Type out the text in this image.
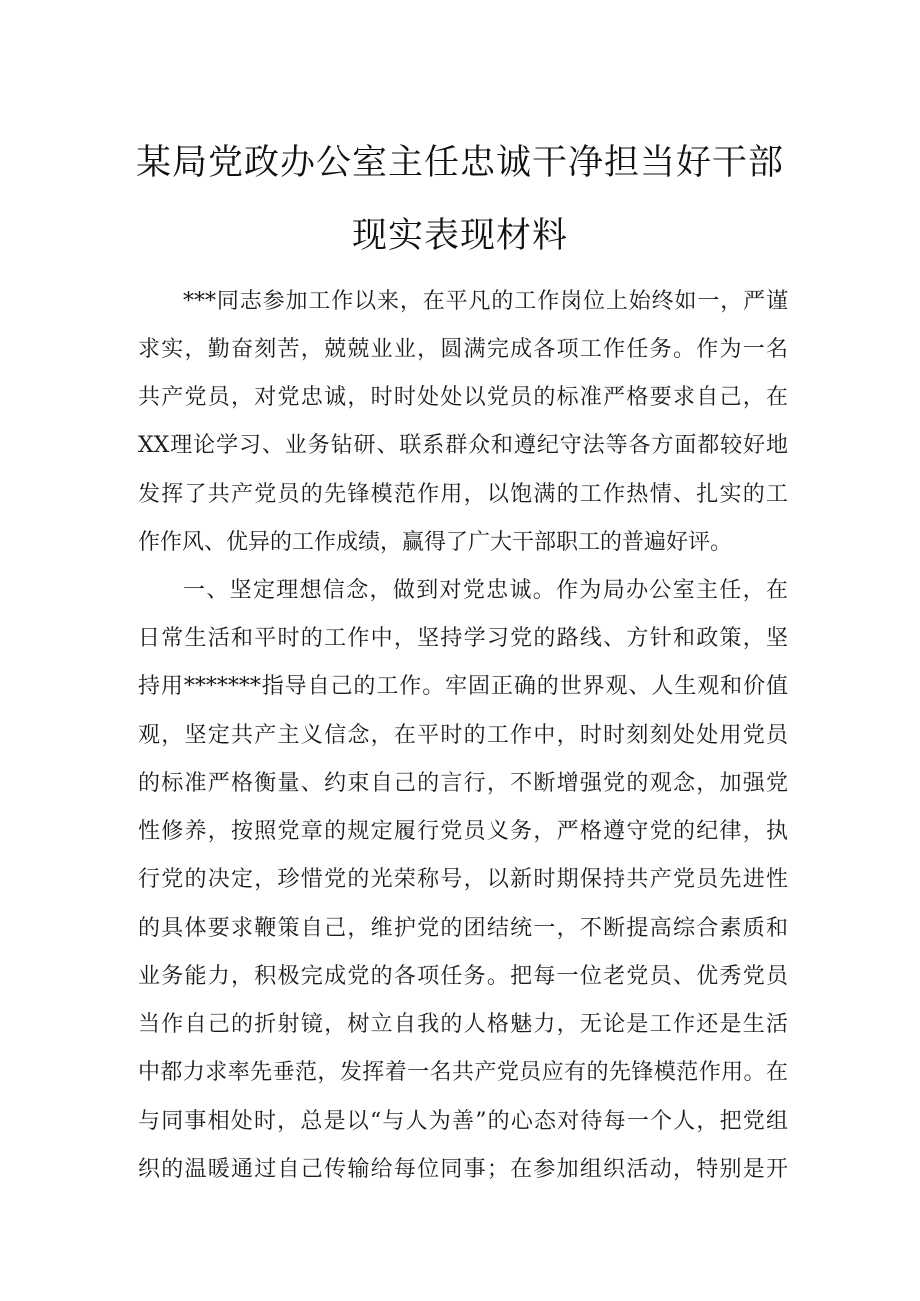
某局党政办公室主任忠诚干净担当好干部
现实表现材料
***同志参加工作以来，在平凡的工作岗位上始终如一，严谨
求实，勤奋刻苦，兢兢业业，圆满完成各项工作任务。作为一名
共产党员，对党忠诚，时时处处以党员的标准严格要求自己，在
XX理论学习、业务钻研、联系群众和遵纪守法等各方面都较好地
发挥了共产党员的先锋模范作用，以饱满的工作热情、扎实的工
作作风、优异的工作成绩，赢得了广大干部职工的普遍好评。
一、坚定理想信念，做到对党忠诚。作为局办公室主任，在
日常生活和平时的工作中，坚持学习党的路线、方针和政策，坚
持用*******指导自己的工作。牢固正确的世界观、人生观和价值
观，坚定共产主义信念，在平时的工作中，时时刻刻处处用党员
的标准严格衡量、约束自己的言行，不断增强党的观念，加强党
性修养，按照党章的规定履行党员义务，严格遵守党的纪律，执
行党的决定，珍惜党的光荣称号，以新时期保持共产党员先进性
的具体要求鞭策自己，维护党的团结统一，不断提高综合素质和
业务能力，积极完成党的各项任务。把每一位老党员、优秀党员
当作自己的折射镜，树立自我的人格魅力，无论是工作还是生活
中都力求率先垂范，发挥着一名共产党员应有的先锋模范作用。在
与同事相处时，总是以“与人为善”的心态对待每一个人，把党组
织的温暖通过自己传输给每位同事；在参加组织活动，特别是开
